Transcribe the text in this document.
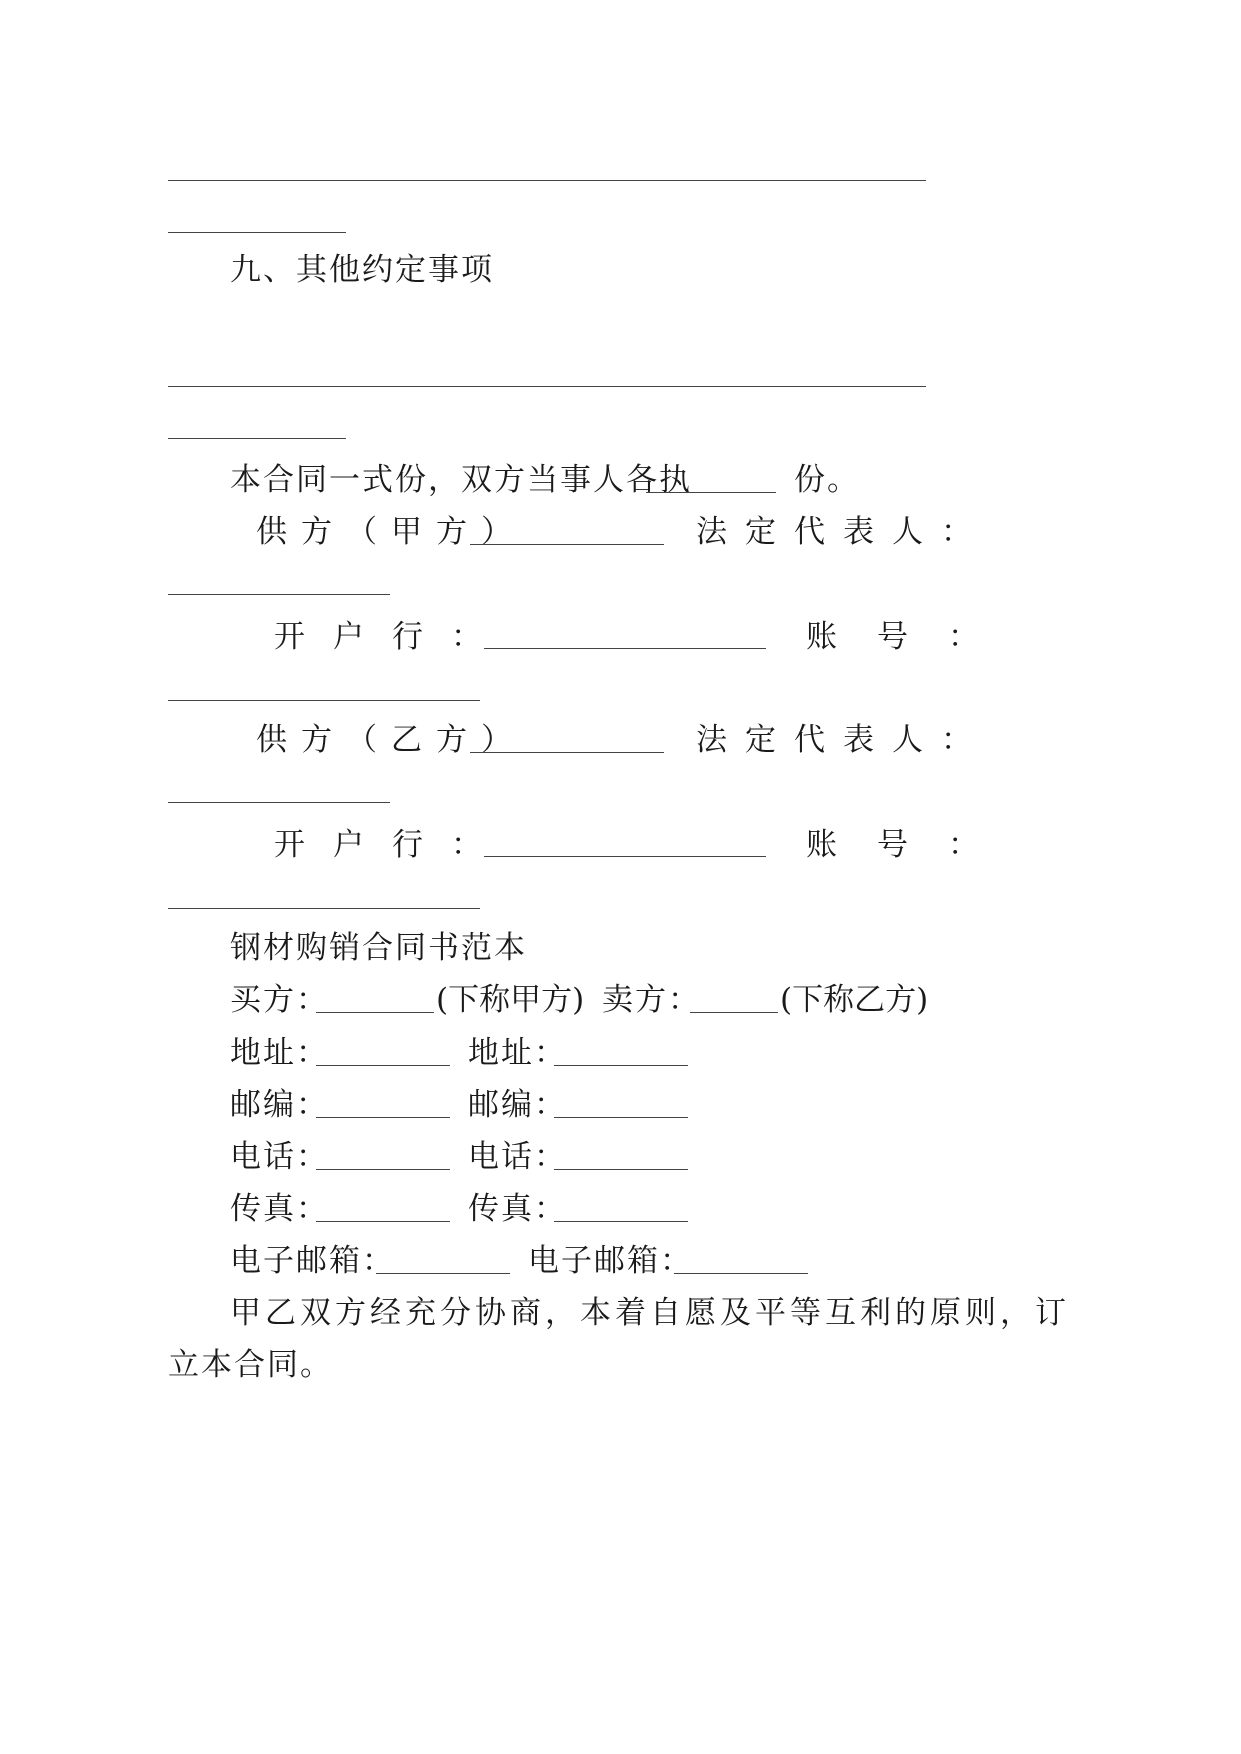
九、其他约定事项
本合同一式份，双方当事人各执	份。
供方（甲方）	法定代表人：
开户行：	账号：
供方（乙方）	法定代表人：
开户行：	账号：
钢材购销合同书范本
买方：	(下称甲方) 卖方：	(下称乙方)
地址：	地址：
邮编：	邮编：
电话：	电话：
传真：	传真：
电子邮箱：	电子邮箱：
甲乙双方经充分协商，本着自愿及平等互利的原则，订
立本合同。
